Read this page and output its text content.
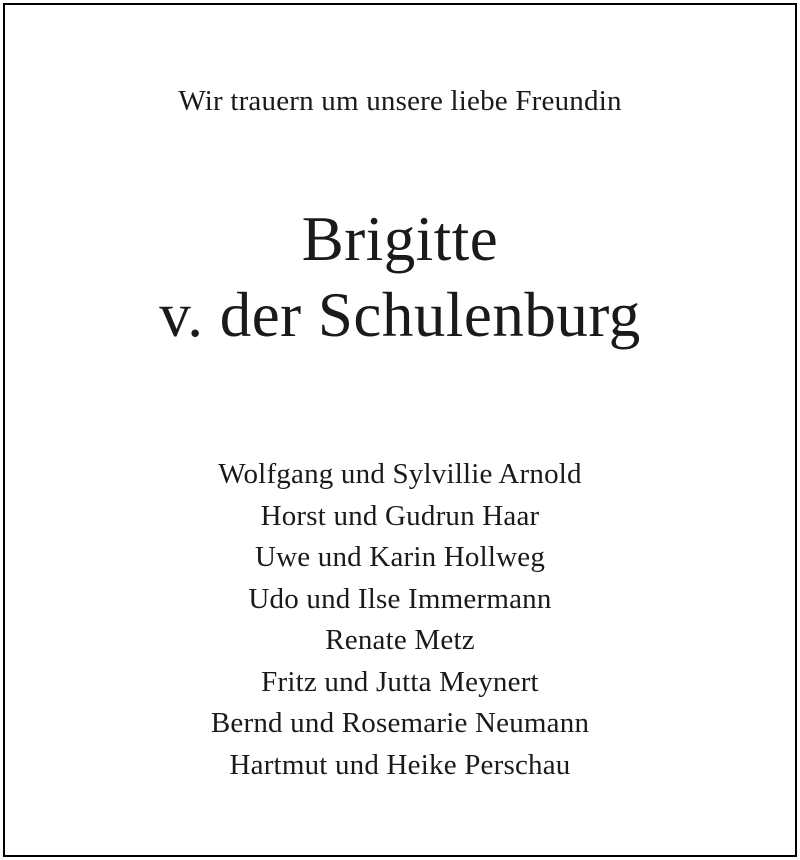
Wir trauern um unsere liebe Freundin
Brigitte
v. der Schulenburg
Wolfgang und Sylvillie Arnold
Horst und Gudrun Haar
Uwe und Karin Hollweg
Udo und Ilse Immermann
Renate Metz
Fritz und Jutta Meynert
Bernd und Rosemarie Neumann
Hartmut und Heike Perschau
